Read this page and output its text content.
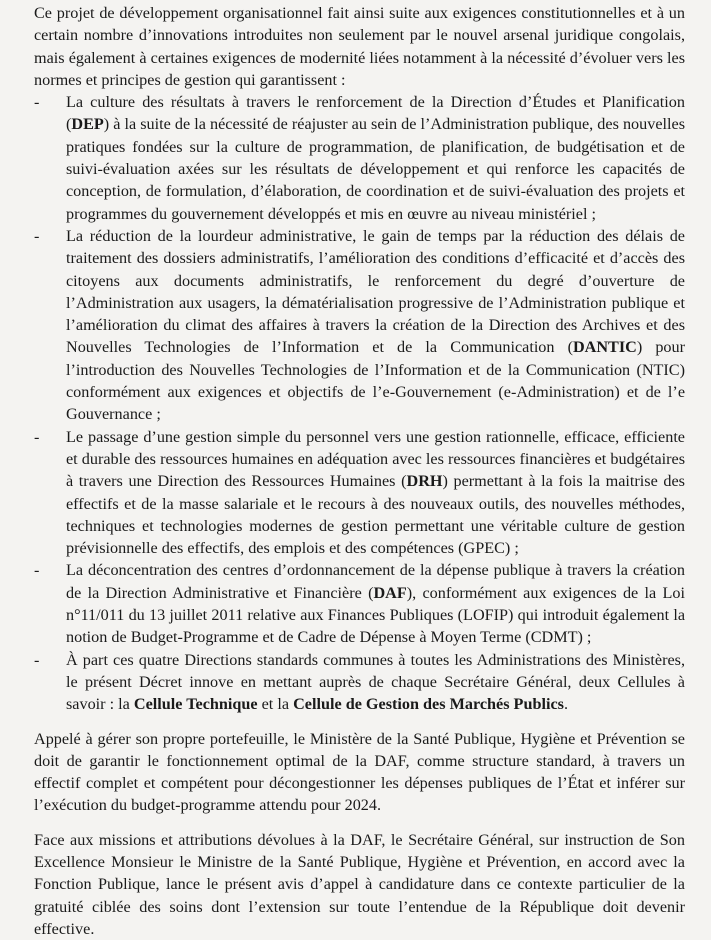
Ce projet de développement organisationnel fait ainsi suite aux exigences constitutionnelles et à un certain nombre d’innovations introduites non seulement par le nouvel arsenal juridique congolais, mais également à certaines exigences de modernité liées notamment à la nécessité d’évoluer vers les normes et principes de gestion qui garantissent :

- La culture des résultats à travers le renforcement de la Direction d’Études et Planification (DEP) à la suite de la nécessité de réajuster au sein de l’Administration publique, des nouvelles pratiques fondées sur la culture de programmation, de planification, de budgétisation et de suivi-évaluation axées sur les résultats de développement et qui renforce les capacités de conception, de formulation, d’élaboration, de coordination et de suivi-évaluation des projets et programmes du gouvernement développés et mis en œuvre au niveau ministériel ;
- La réduction de la lourdeur administrative, le gain de temps par la réduction des délais de traitement des dossiers administratifs, l’amélioration des conditions d’efficacité et d’accès des citoyens aux documents administratifs, le renforcement du degré d’ouverture de l’Administration aux usagers, la dématérialisation progressive de l’Administration publique et l’amélioration du climat des affaires à travers la création de la Direction des Archives et des Nouvelles Technologies de l’Information et de la Communication (DANTIC) pour l’introduction des Nouvelles Technologies de l’Information et de la Communication (NTIC) conformément aux exigences et objectifs de l’e-Gouvernement (e-Administration) et de l’e Gouvernance ;
- Le passage d’une gestion simple du personnel vers une gestion rationnelle, efficace, efficiente et durable des ressources humaines en adéquation avec les ressources financières et budgétaires à travers une Direction des Ressources Humaines (DRH) permettant à la fois la maitrise des effectifs et de la masse salariale et le recours à des nouveaux outils, des nouvelles méthodes, techniques et technologies modernes de gestion permettant une véritable culture de gestion prévisionnelle des effectifs, des emplois et des compétences (GPEC) ;
- La déconcentration des centres d’ordonnancement de la dépense publique à travers la création de la Direction Administrative et Financière (DAF), conformément aux exigences de la Loi n°11/011 du 13 juillet 2011 relative aux Finances Publiques (LOFIP) qui introduit également la notion de Budget-Programme et de Cadre de Dépense à Moyen Terme (CDMT) ;
- À part ces quatre Directions standards communes à toutes les Administrations des Ministères, le présent Décret innove en mettant auprès de chaque Secrétaire Général, deux Cellules à savoir : la Cellule Technique et la Cellule de Gestion des Marchés Publics.

Appelé à gérer son propre portefeuille, le Ministère de la Santé Publique, Hygiène et Prévention se doit de garantir le fonctionnement optimal de la DAF, comme structure standard, à travers un effectif complet et compétent pour décongestionner les dépenses publiques de l’État et inférer sur l’exécution du budget-programme attendu pour 2024.

Face aux missions et attributions dévolues à la DAF, le Secrétaire Général, sur instruction de Son Excellence Monsieur le Ministre de la Santé Publique, Hygiène et Prévention, en accord avec la Fonction Publique, lance le présent avis d’appel à candidature dans ce contexte particulier de la gratuité ciblée des soins dont l’extension sur toute l’entendue de la République doit devenir effective.
